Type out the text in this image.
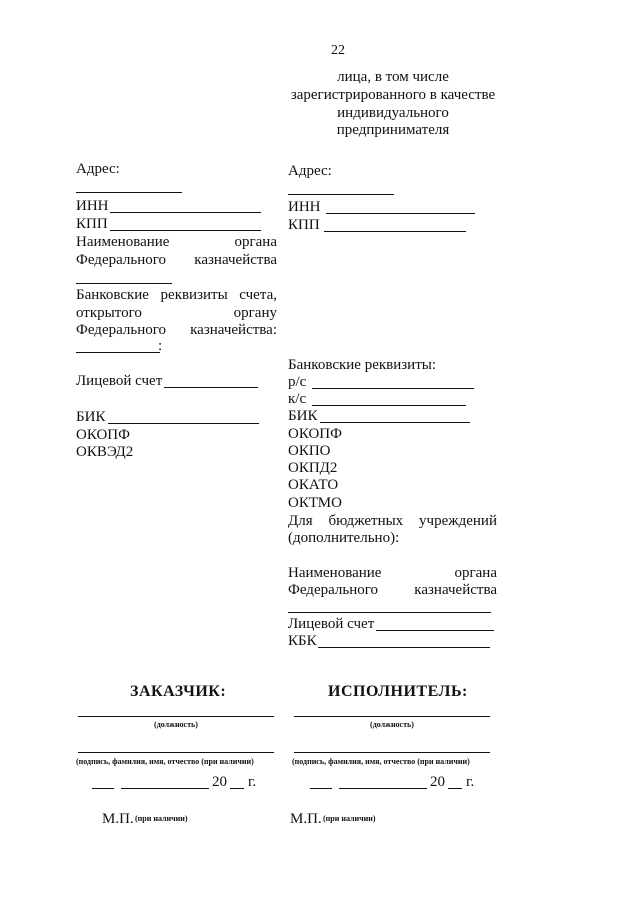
22
лица, в том числе
зарегистрированного в качестве
индивидуального
предпринимателя
Адрес:
ИНН
КПП
Наименование	органа
Федерального казначейства
Банковские реквизиты счета,
открытого	органу
Федерального казначейства:
:
Лицевой счет
БИК
ОКОПФ
ОКВЭД2
Адрес:
ИНН
КПП
Банковские реквизиты:
р/с
к/с
БИК
ОКОПФ
ОКПО
ОКПД2
ОКАТО
ОКТМО
Для бюджетных учреждений
(дополнительно):
Наименование	органа
Федерального казначейства
Лицевой счет
КБК
ЗАКАЗЧИК:	ИСПОЛНИТЕЛЬ:
(должность)	(должность)
(подпись, фамилия, имя, отчество (при наличии)	(подпись, фамилия, имя, отчество (при наличии)
20 г.	20 г.
М.П. (при наличии)	М.П. (при наличии)
